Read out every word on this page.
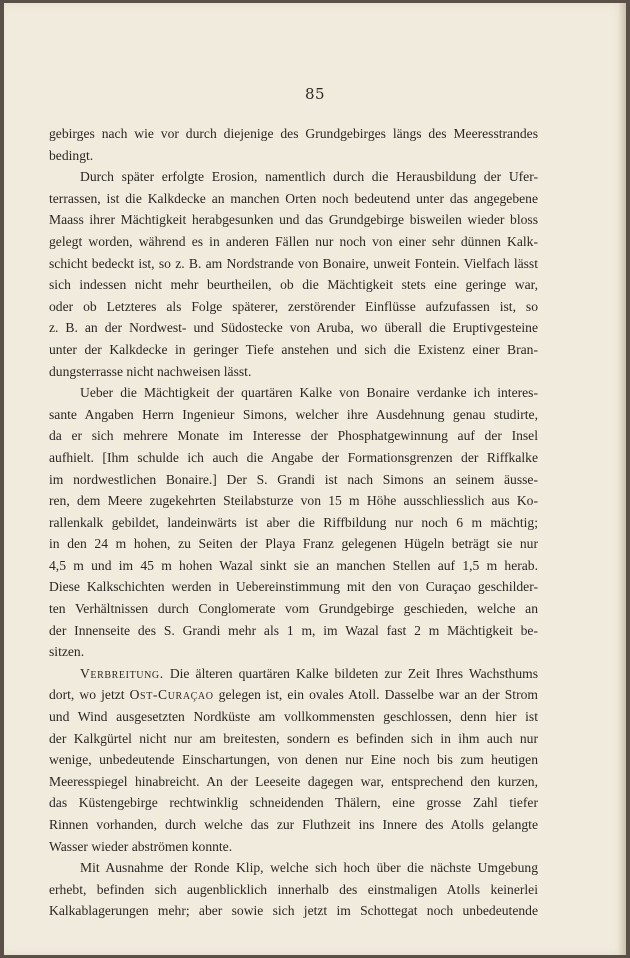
85
gebirges nach wie vor durch diejenige des Grundgebirges längs des Meeresstrandes
bedingt.
Durch später erfolgte Erosion, namentlich durch die Herausbildung der Ufer-
terrassen, ist die Kalkdecke an manchen Orten noch bedeutend unter das angegebene
Maass ihrer Mächtigkeit herabgesunken und das Grundgebirge bisweilen wieder bloss
gelegt worden, während es in anderen Fällen nur noch von einer sehr dünnen Kalk-
schicht bedeckt ist, so z. B. am Nordstrande von Bonaire, unweit Fontein. Vielfach lässt
sich indessen nicht mehr beurtheilen, ob die Mächtigkeit stets eine geringe war,
oder ob Letzteres als Folge späterer, zerstörender Einflüsse aufzufassen ist, so
z. B. an der Nordwest- und Südostecke von Aruba, wo überall die Eruptivgesteine
unter der Kalkdecke in geringer Tiefe anstehen und sich die Existenz einer Bran-
dungsterrasse nicht nachweisen lässt.
Ueber die Mächtigkeit der quartären Kalke von Bonaire verdanke ich interes-
sante Angaben Herrn Ingenieur Simons, welcher ihre Ausdehnung genau studirte,
da er sich mehrere Monate im Interesse der Phosphatgewinnung auf der Insel
aufhielt. [Ihm schulde ich auch die Angabe der Formationsgrenzen der Riffkalke
im nordwestlichen Bonaire.] Der S. Grandi ist nach Simons an seinem äusse-
ren, dem Meere zugekehrten Steilabsturze von 15 m Höhe ausschliesslich aus Ko-
rallenkalk gebildet, landeinwärts ist aber die Riffbildung nur noch 6 m mächtig;
in den 24 m hohen, zu Seiten der Playa Franz gelegenen Hügeln beträgt sie nur
4,5 m und im 45 m hohen Wazal sinkt sie an manchen Stellen auf 1,5 m herab.
Diese Kalkschichten werden in Uebereinstimmung mit den von Curaçao geschilder-
ten Verhältnissen durch Conglomerate vom Grundgebirge geschieden, welche an
der Innenseite des S. Grandi mehr als 1 m, im Wazal fast 2 m Mächtigkeit be-
sitzen.
Verbreitung. Die älteren quartären Kalke bildeten zur Zeit Ihres Wachsthums
dort, wo jetzt Ost-Curaçao gelegen ist, ein ovales Atoll. Dasselbe war an der Strom
und Wind ausgesetzten Nordküste am vollkommensten geschlossen, denn hier ist
der Kalkgürtel nicht nur am breitesten, sondern es befinden sich in ihm auch nur
wenige, unbedeutende Einschartungen, von denen nur Eine noch bis zum heutigen
Meeresspiegel hinabreicht. An der Leeseite dagegen war, entsprechend den kurzen,
das Küstengebirge rechtwinklig schneidenden Thälern, eine grosse Zahl tiefer
Rinnen vorhanden, durch welche das zur Fluthzeit ins Innere des Atolls gelangte
Wasser wieder abströmen konnte.
Mit Ausnahme der Ronde Klip, welche sich hoch über die nächste Umgebung
erhebt, befinden sich augenblicklich innerhalb des einstmaligen Atolls keinerlei
Kalkablagerungen mehr; aber sowie sich jetzt im Schottegat noch unbedeutende
